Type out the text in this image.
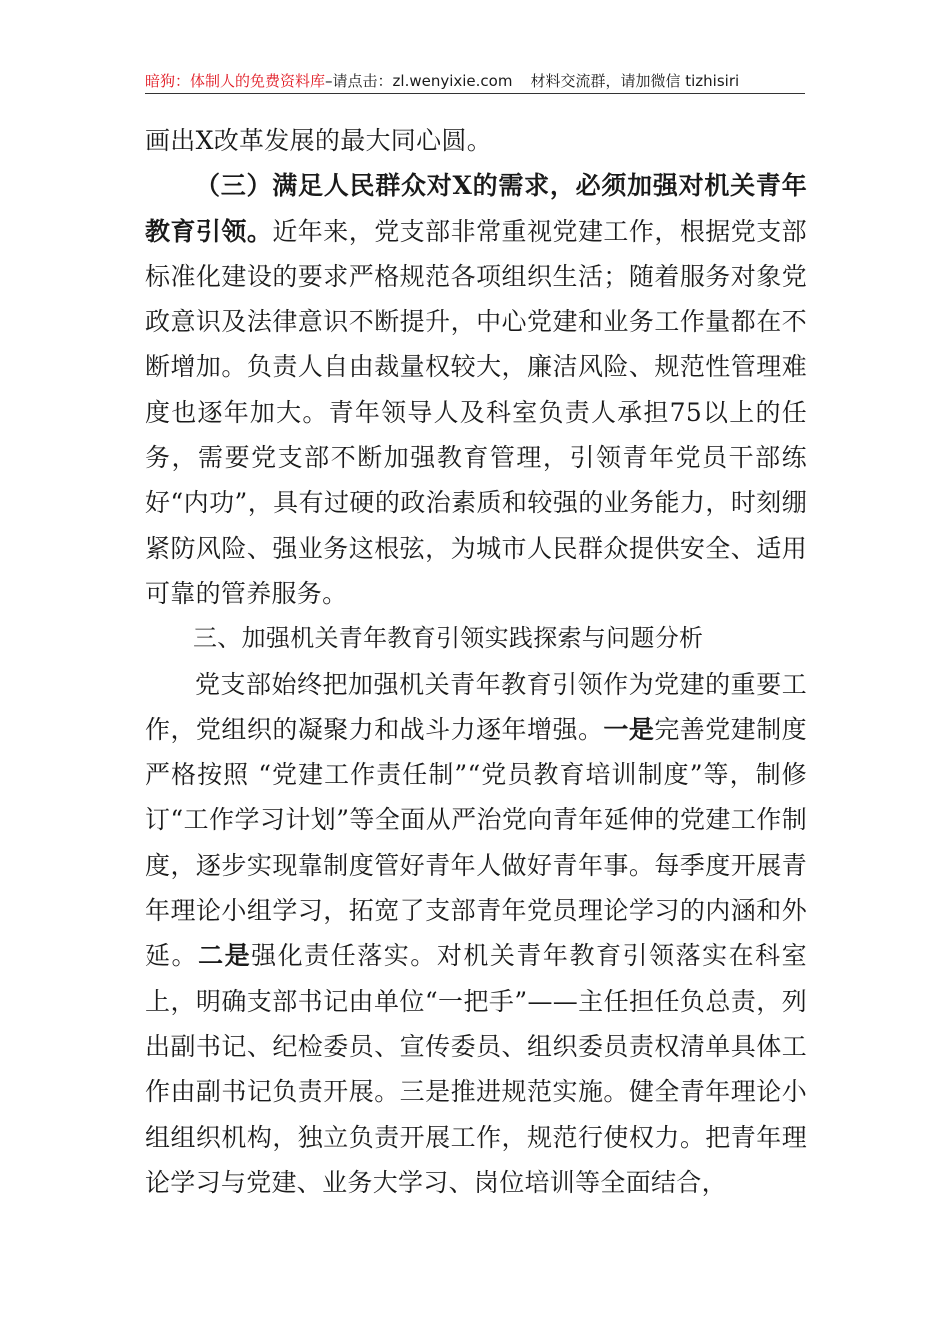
暗狗：体制人的免费资料库–请点击：zl.wenyixie.com 材料交流群，请加微信 tizhisiri

画出X改革发展的最大同心圆。

（三）满足人民群众对X的需求，必须加强对机关青年教育引领。近年来，党支部非常重视党建工作，根据党支部标准化建设的要求严格规范各项组织生活；随着服务对象党政意识及法律意识不断提升，中心党建和业务工作量都在不断增加。负责人自由裁量权较大，廉洁风险、规范性管理难度也逐年加大。青年领导人及科室负责人承担75以上的任务，需要党支部不断加强教育管理，引领青年党员干部练好“内功”，具有过硬的政治素质和较强的业务能力，时刻绷紧防风险、强业务这根弦，为城市人民群众提供安全、适用可靠的管养服务。

三、加强机关青年教育引领实践探索与问题分析

党支部始终把加强机关青年教育引领作为党建的重要工作，党组织的凝聚力和战斗力逐年增强。一是完善党建制度严格按照 “党建工作责任制”“党员教育培训制度”等，制修订“工作学习计划”等全面从严治党向青年延伸的党建工作制度，逐步实现靠制度管好青年人做好青年事。每季度开展青年理论小组学习，拓宽了支部青年党员理论学习的内涵和外延。二是强化责任落实。对机关青年教育引领落实在科室上，明确支部书记由单位“一把手”——主任担任负总责，列出副书记、纪检委员、宣传委员、组织委员责权清单具体工作由副书记负责开展。三是推进规范实施。健全青年理论小组组织机构，独立负责开展工作，规范行使权力。把青年理论学习与党建、业务大学习、岗位培训等全面结合，
